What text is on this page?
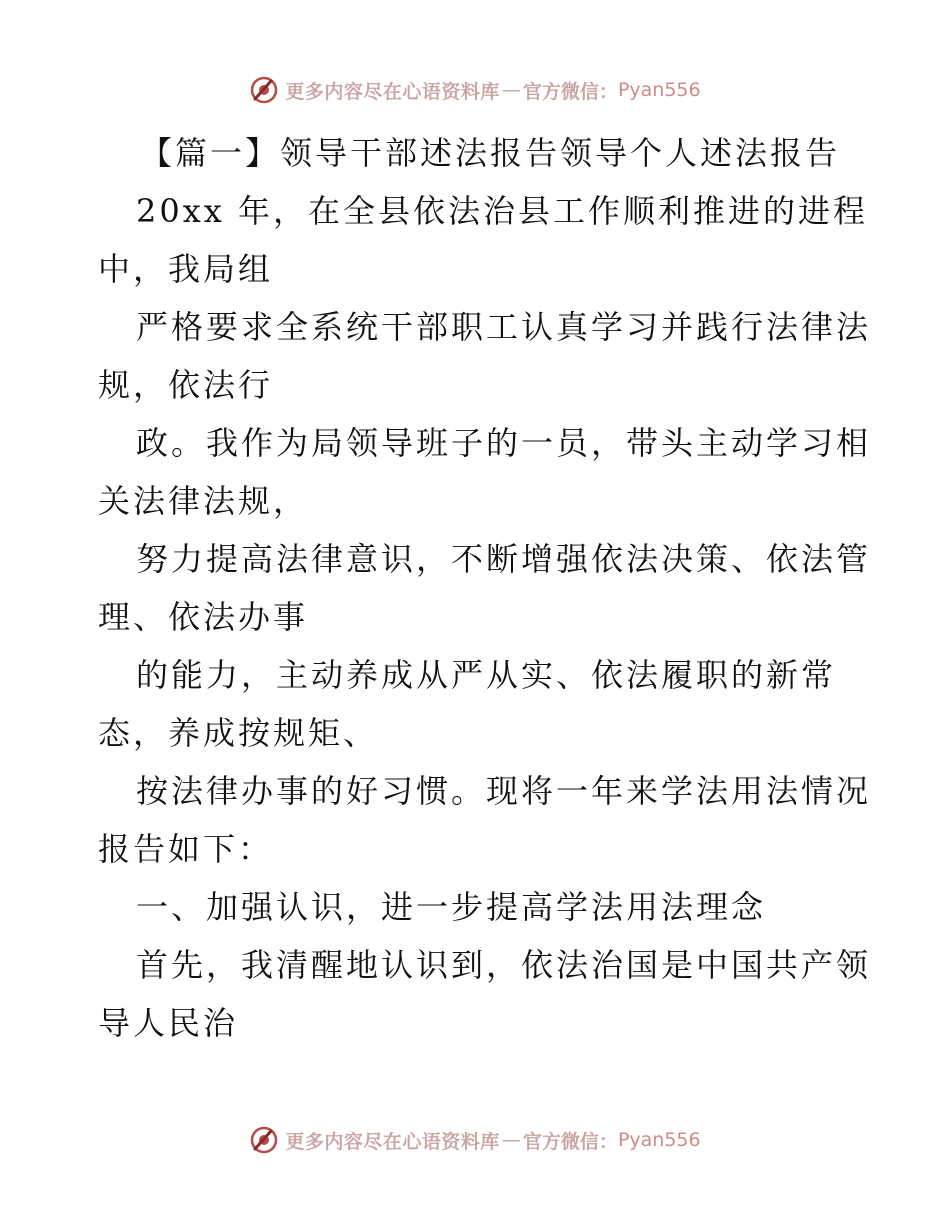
更多内容尽在心语资料库 — 官方微信： Pyan556
【篇一】领导干部述法报告领导个人述法报告
20xx 年，在全县依法治县工作顺利推进的进程
中，我局组
严格要求全系统干部职工认真学习并践行法律法
规，依法行
政。我作为局领导班子的一员，带头主动学习相
关法律法规，
努力提高法律意识，不断增强依法决策、依法管
理、依法办事
的能力，主动养成从严从实、依法履职的新常
态，养成按规矩、
按法律办事的好习惯。现将一年来学法用法情况
报告如下：
一、加强认识，进一步提高学法用法理念
首先，我清醒地认识到，依法治国是中国共产领
导人民治
更多内容尽在心语资料库 — 官方微信： Pyan556
